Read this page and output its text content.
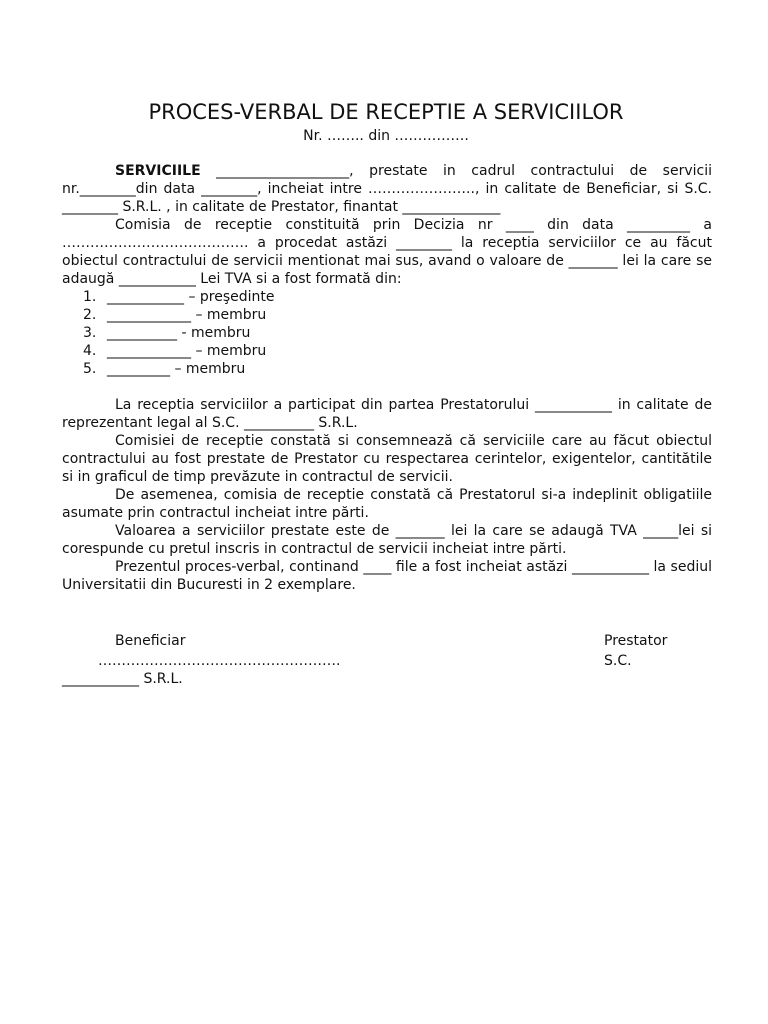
PROCES-VERBAL DE RECEPTIE A SERVICIILOR
Nr. …….. din …………….

SERVICIILE ___________________, prestate in cadrul contractului de servicii nr.________din data ________, incheiat intre ………………….., in calitate de Beneficiar, si S.C. ________ S.R.L. , in calitate de Prestator, finantat ______________

Comisia de receptie constituită prin Decizia nr ____ din data _________ a …………………………………. a procedat astăzi ________ la receptia serviciilor ce au făcut obiectul contractului de servicii mentionat mai sus, avand o valoare de _______ lei la care se adaugă ___________ Lei TVA si a fost formată din:

1. ___________ – preşedinte
2. ____________ – membru
3. __________ - membru
4. ____________ – membru
5. _________ – membru

La receptia serviciilor a participat din partea Prestatorului ___________ in calitate de reprezentant legal al S.C. __________ S.R.L.

Comisiei de receptie constată si consemnează că serviciile care au făcut obiectul contractului au fost prestate de Prestator cu respectarea cerintelor, exigentelor, cantitătile si in graficul de timp prevăzute in contractul de servicii.

De asemenea, comisia de receptie constată că Prestatorul si-a indeplinit obligatiile asumate prin contractul incheiat intre părti.

Valoarea a serviciilor prestate este de _______ lei la care se adaugă TVA _____lei si corespunde cu pretul inscris in contractul de servicii incheiat intre părti.

Prezentul proces-verbal, continand ____ file a fost incheiat astăzi ___________ la sediul Universitatii din Bucuresti in 2 exemplare.

Beneficiar
…………………………………………….
Prestator
S.C.
___________ S.R.L.
